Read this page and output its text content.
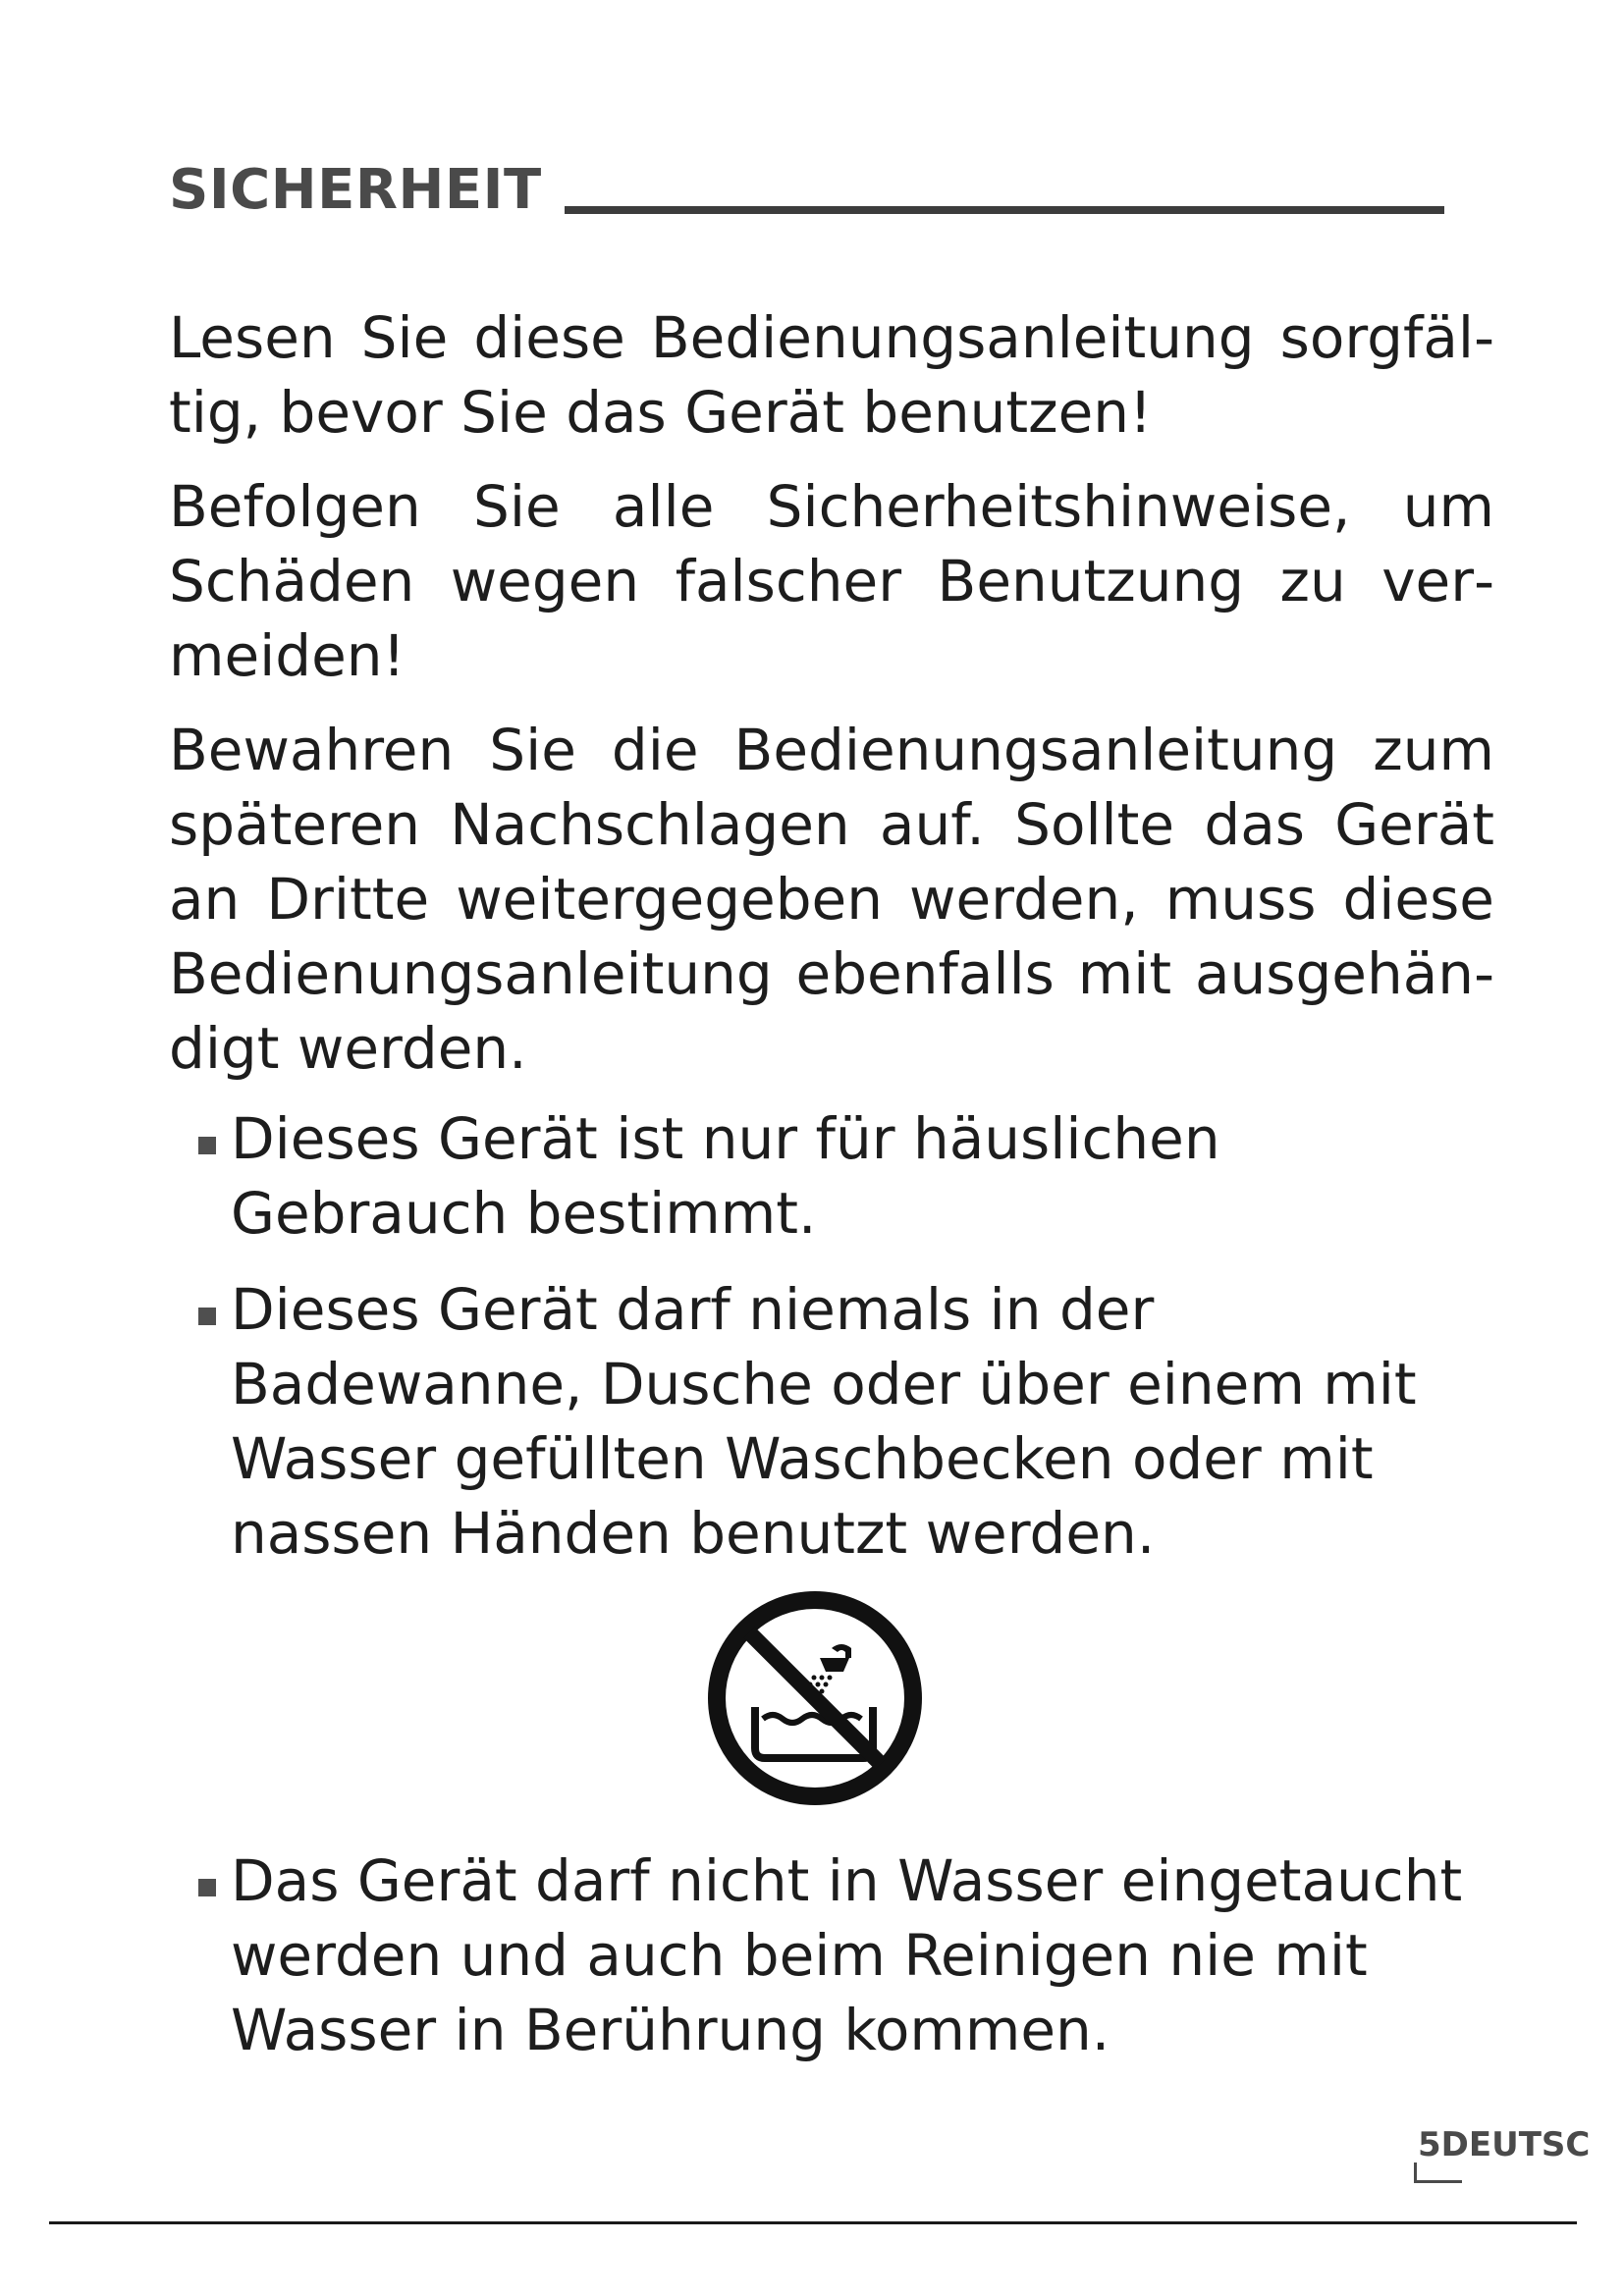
SICHERHEIT
Lesen Sie diese Bedienungsanleitung sorgfältig, bevor Sie das Gerät benutzen!
Befolgen Sie alle Sicherheitshinweise, um Schäden wegen falscher Benutzung zu vermeiden!
Bewahren Sie die Bedienungsanleitung zum späteren Nachschlagen auf. Sollte das Gerät an Dritte weitergegeben werden, muss diese Bedienungsanleitung ebenfalls mit ausgehändigt werden.
Dieses Gerät ist nur für häuslichen Gebrauch bestimmt.
Dieses Gerät darf niemals in der Badewanne, Dusche oder über einem mit Wasser gefüllten Waschbecken oder mit nassen Händen benutzt werden.
Das Gerät darf nicht in Wasser eingetaucht werden und auch beim Reinigen nie mit Wasser in Berührung kommen.
5DEUTSC
